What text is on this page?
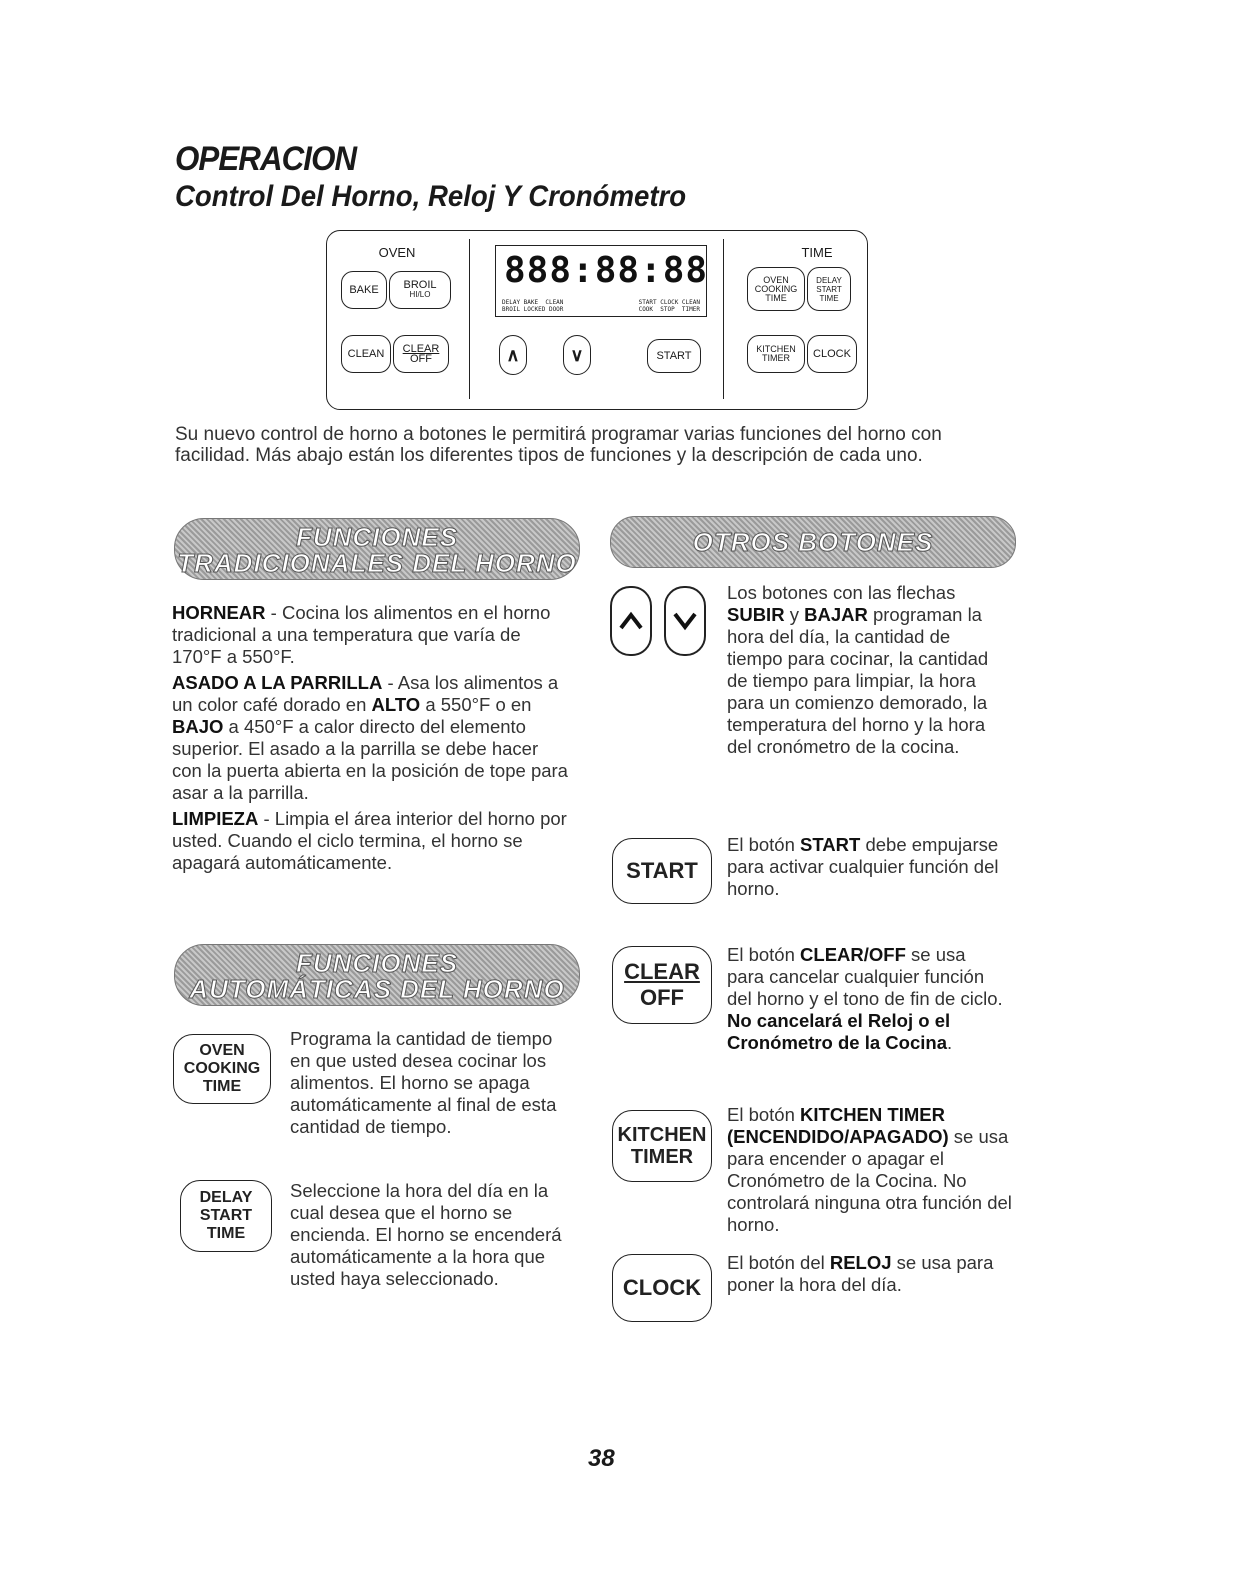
OPERACION
Control Del Horno, Reloj Y Cronómetro
OVEN
BAKE BROIL
HI/LO
CLEAN CLEAR
OFF
888:88:88
DELAY BAKE  CLEAN
BROIL LOCKED DOOR
START CLOCK CLEAN
COOK  STOP  TIMER
∧	∨	START
TIME
OVEN
COOKING
TIME
DELAY
START
TIME
KITCHEN
TIMER CLOCK
Su nuevo control de horno a botones le permitirá programar varias funciones del horno con facilidad. Más abajo están los diferentes tipos de funciones y la descripción de cada uno.
FUNCIONES
TRADICIONALES DEL HORNO

HORNEAR - Cocina los alimentos en el horno tradicional a una temperatura que varía de 170°F a 550°F.

ASADO A LA PARRILLA - Asa los alimentos a un color café dorado en ALTO a 550°F o en BAJO a 450°F a calor directo del elemento superior. El asado a la parrilla se debe hacer con la puerta abierta en la posición de tope para asar a la parrilla.

LIMPIEZA - Limpia el área interior del horno por usted. Cuando el ciclo termina, el horno se apagará automáticamente.

FUNCIONES
AUTOMÁTICAS DEL HORNO
OVEN
COOKING
TIME
Programa la cantidad de tiempo en que usted desea cocinar los alimentos. El horno se apaga automáticamente al final de esta cantidad de tiempo.
DELAY
START
TIME
Seleccione la hora del día en la cual desea que el horno se encienda. El horno se encenderá automáticamente a la hora que usted haya seleccionado.
OTROS BOTONES
Los botones con las flechas SUBIR y BAJAR programan la hora del día, la cantidad de tiempo para cocinar, la cantidad de tiempo para limpiar, la hora para un comienzo demorado, la temperatura del horno y la hora del cronómetro de la cocina.
START
El botón START debe empujarse para activar cualquier función del horno.
CLEAR
OFF
El botón CLEAR/OFF se usa para cancelar cualquier función del horno y el tono de fin de ciclo. No cancelará el Reloj o el Cronómetro de la Cocina.
KITCHEN
TIMER
El botón KITCHEN TIMER (ENCENDIDO/APAGADO) se usa para encender o apagar el Cronómetro de la Cocina. No controlará ninguna otra función del horno.
CLOCK
El botón del RELOJ se usa para poner la hora del día.
38
